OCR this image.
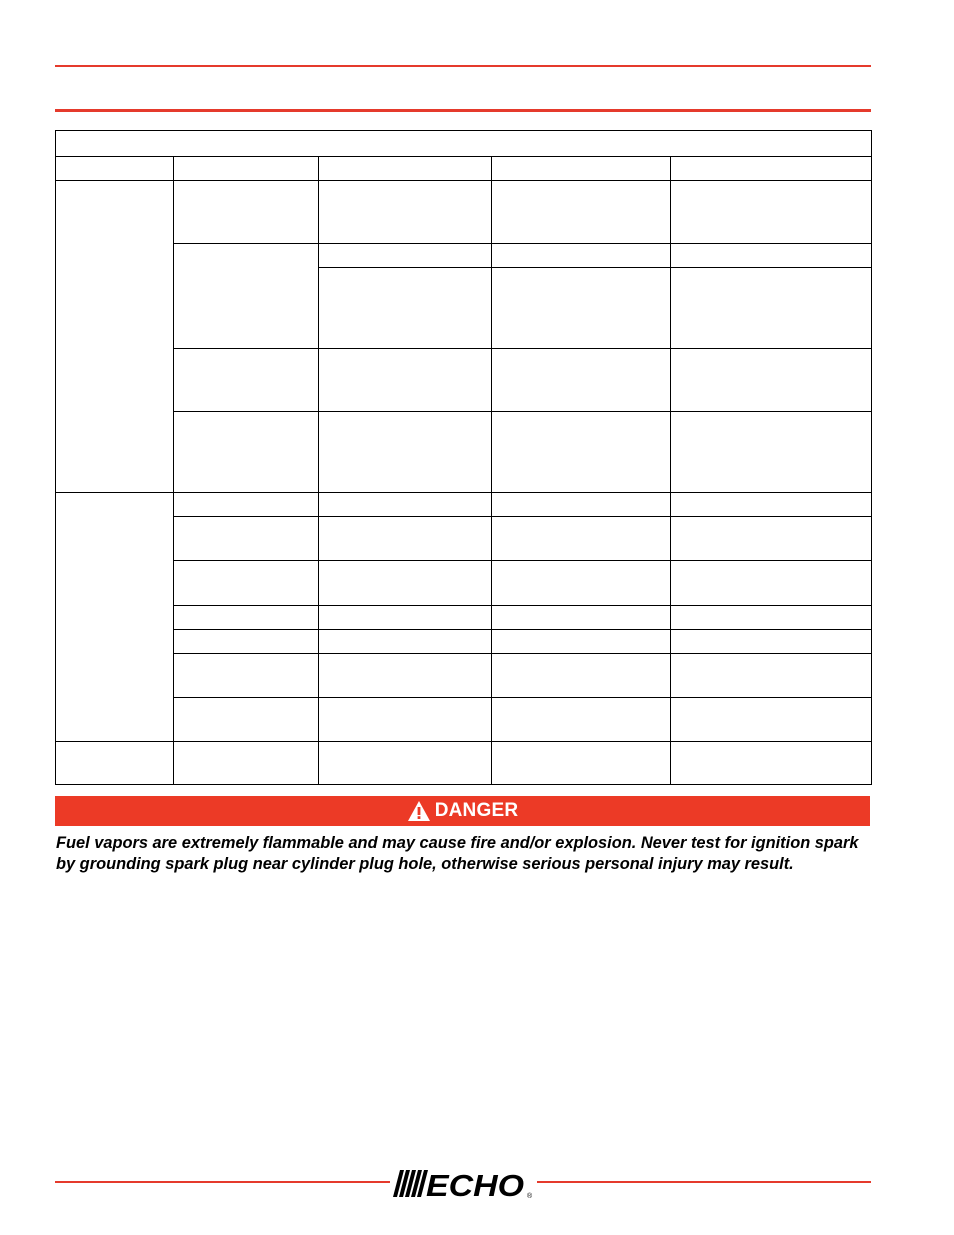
DANGER

Fuel vapors are extremely flammable and may cause fire and/or explosion. Never test for ignition spark by grounding spark plug near cylinder plug hole, otherwise serious personal injury may result.

ECHO ®
